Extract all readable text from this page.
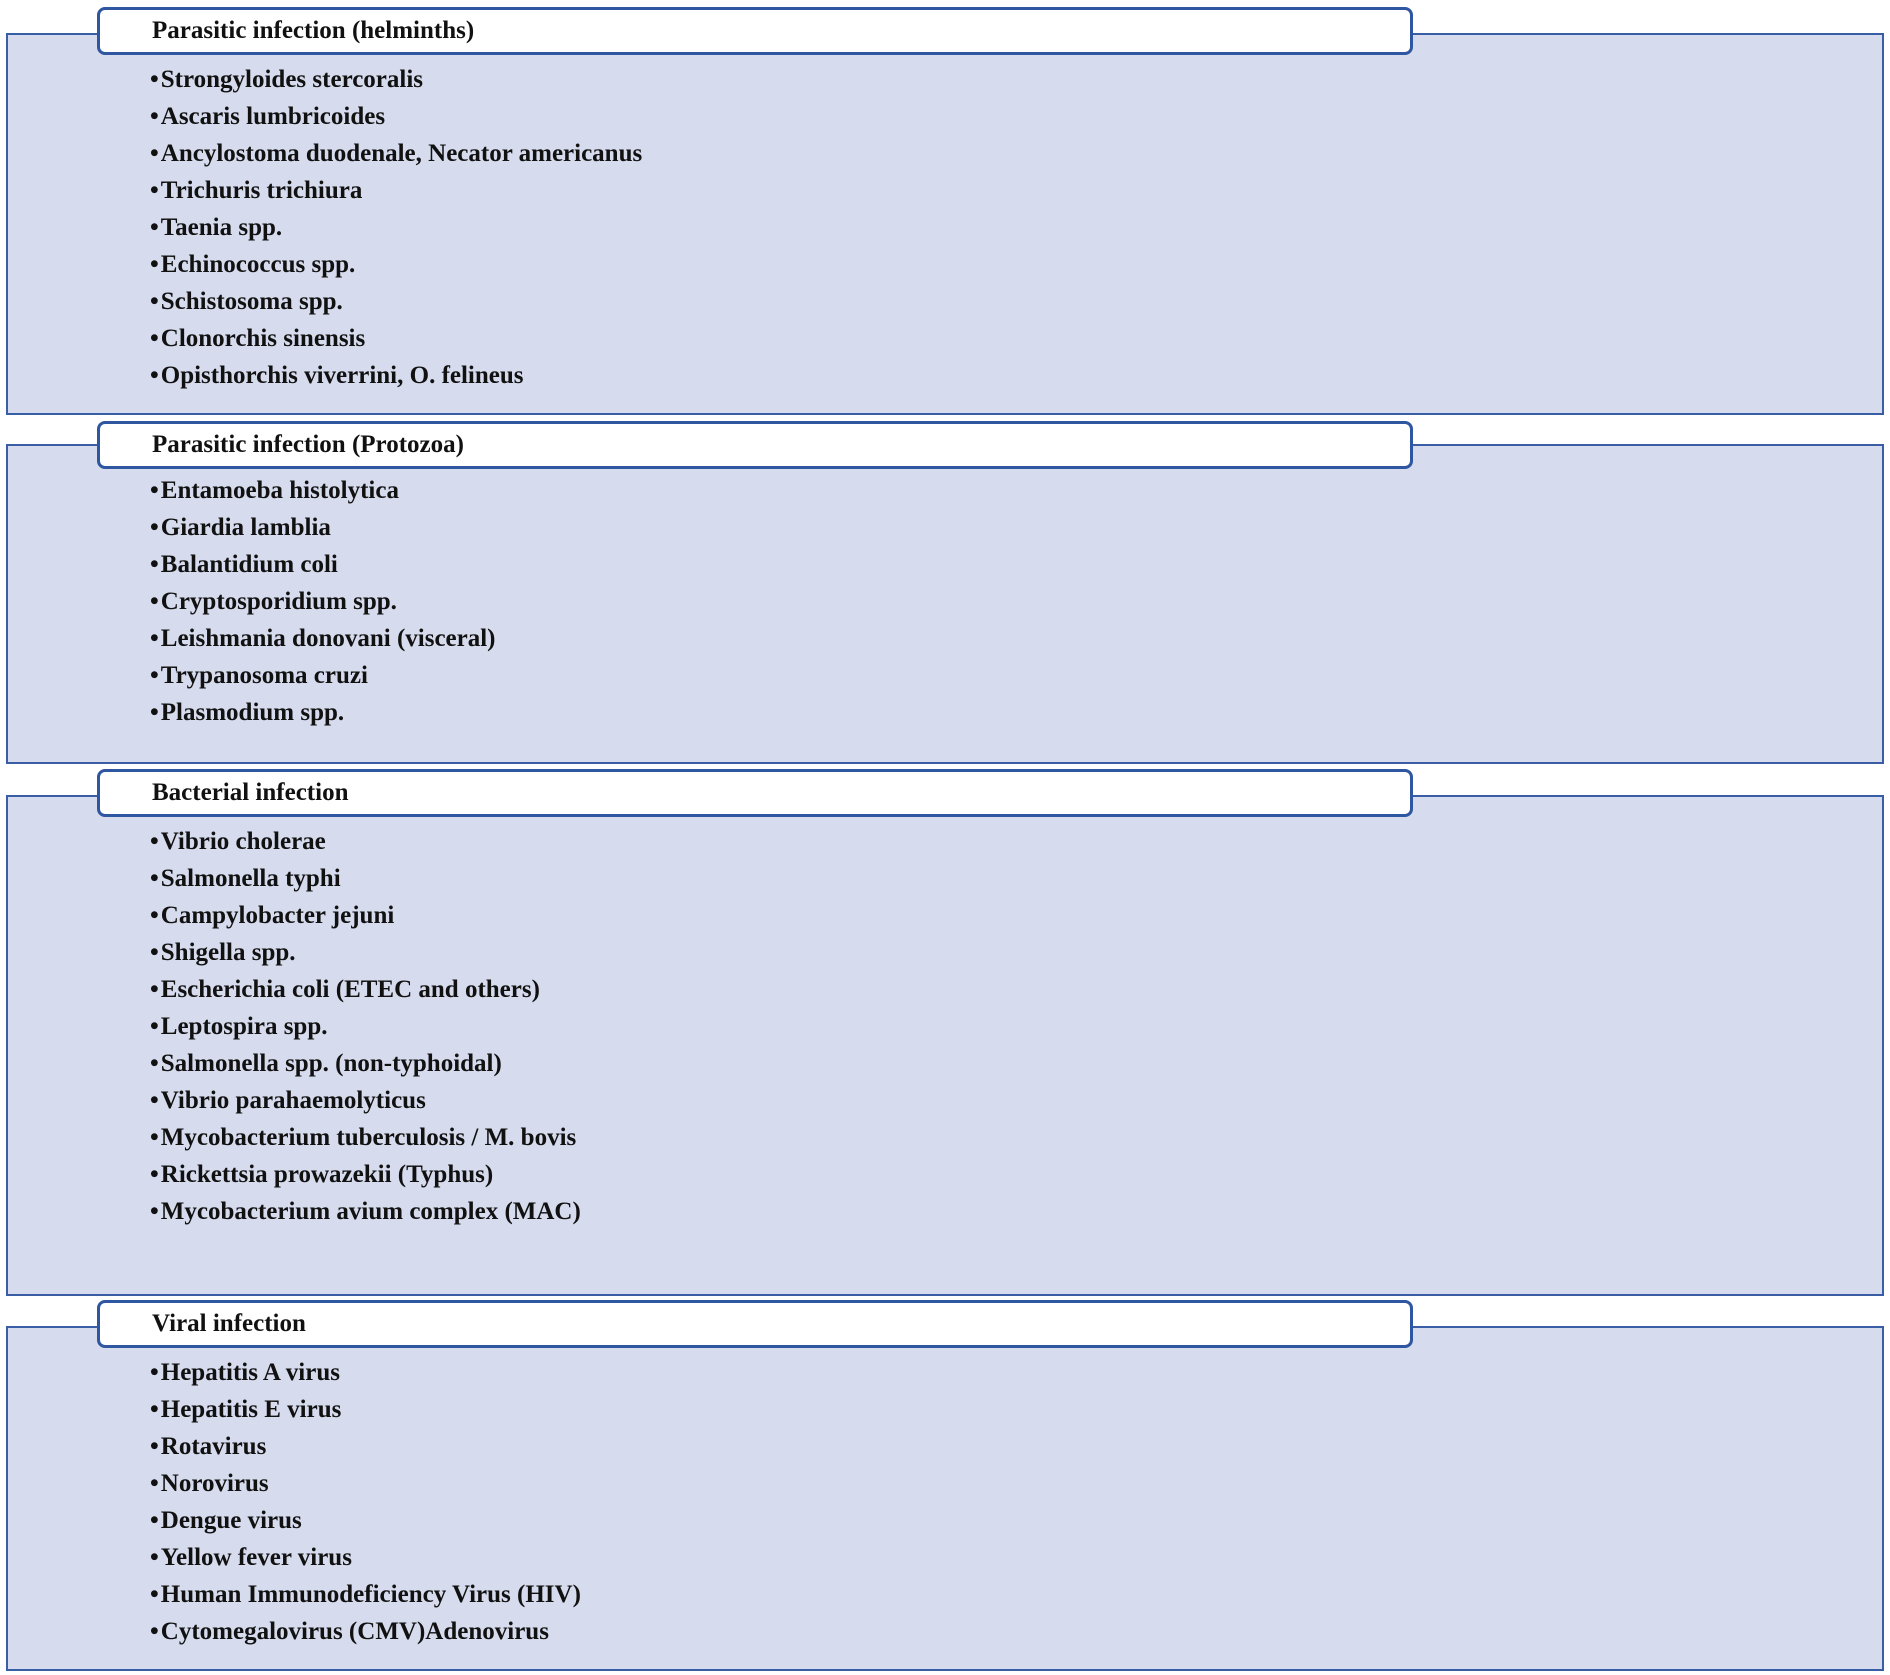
Parasitic infection (helminths)
•Strongyloides stercoralis
•Ascaris lumbricoides
•Ancylostoma duodenale, Necator americanus
•Trichuris trichiura
•Taenia spp.
•Echinococcus spp.
•Schistosoma spp.
•Clonorchis sinensis
•Opisthorchis viverrini, O. felineus
Parasitic infection (Protozoa)
•Entamoeba histolytica
•Giardia lamblia
•Balantidium coli
•Cryptosporidium spp.
•Leishmania donovani (visceral)
•Trypanosoma cruzi
•Plasmodium spp.
Bacterial infection
•Vibrio cholerae
•Salmonella typhi
•Campylobacter jejuni
•Shigella spp.
•Escherichia coli (ETEC and others)
•Leptospira spp.
•Salmonella spp. (non-typhoidal)
•Vibrio parahaemolyticus
•Mycobacterium tuberculosis / M. bovis
•Rickettsia prowazekii (Typhus)
•Mycobacterium avium complex (MAC)
Viral infection
•Hepatitis A virus
•Hepatitis E virus
•Rotavirus
•Norovirus
•Dengue virus
•Yellow fever virus
•Human Immunodeficiency Virus (HIV)
•Cytomegalovirus (CMV)Adenovirus
